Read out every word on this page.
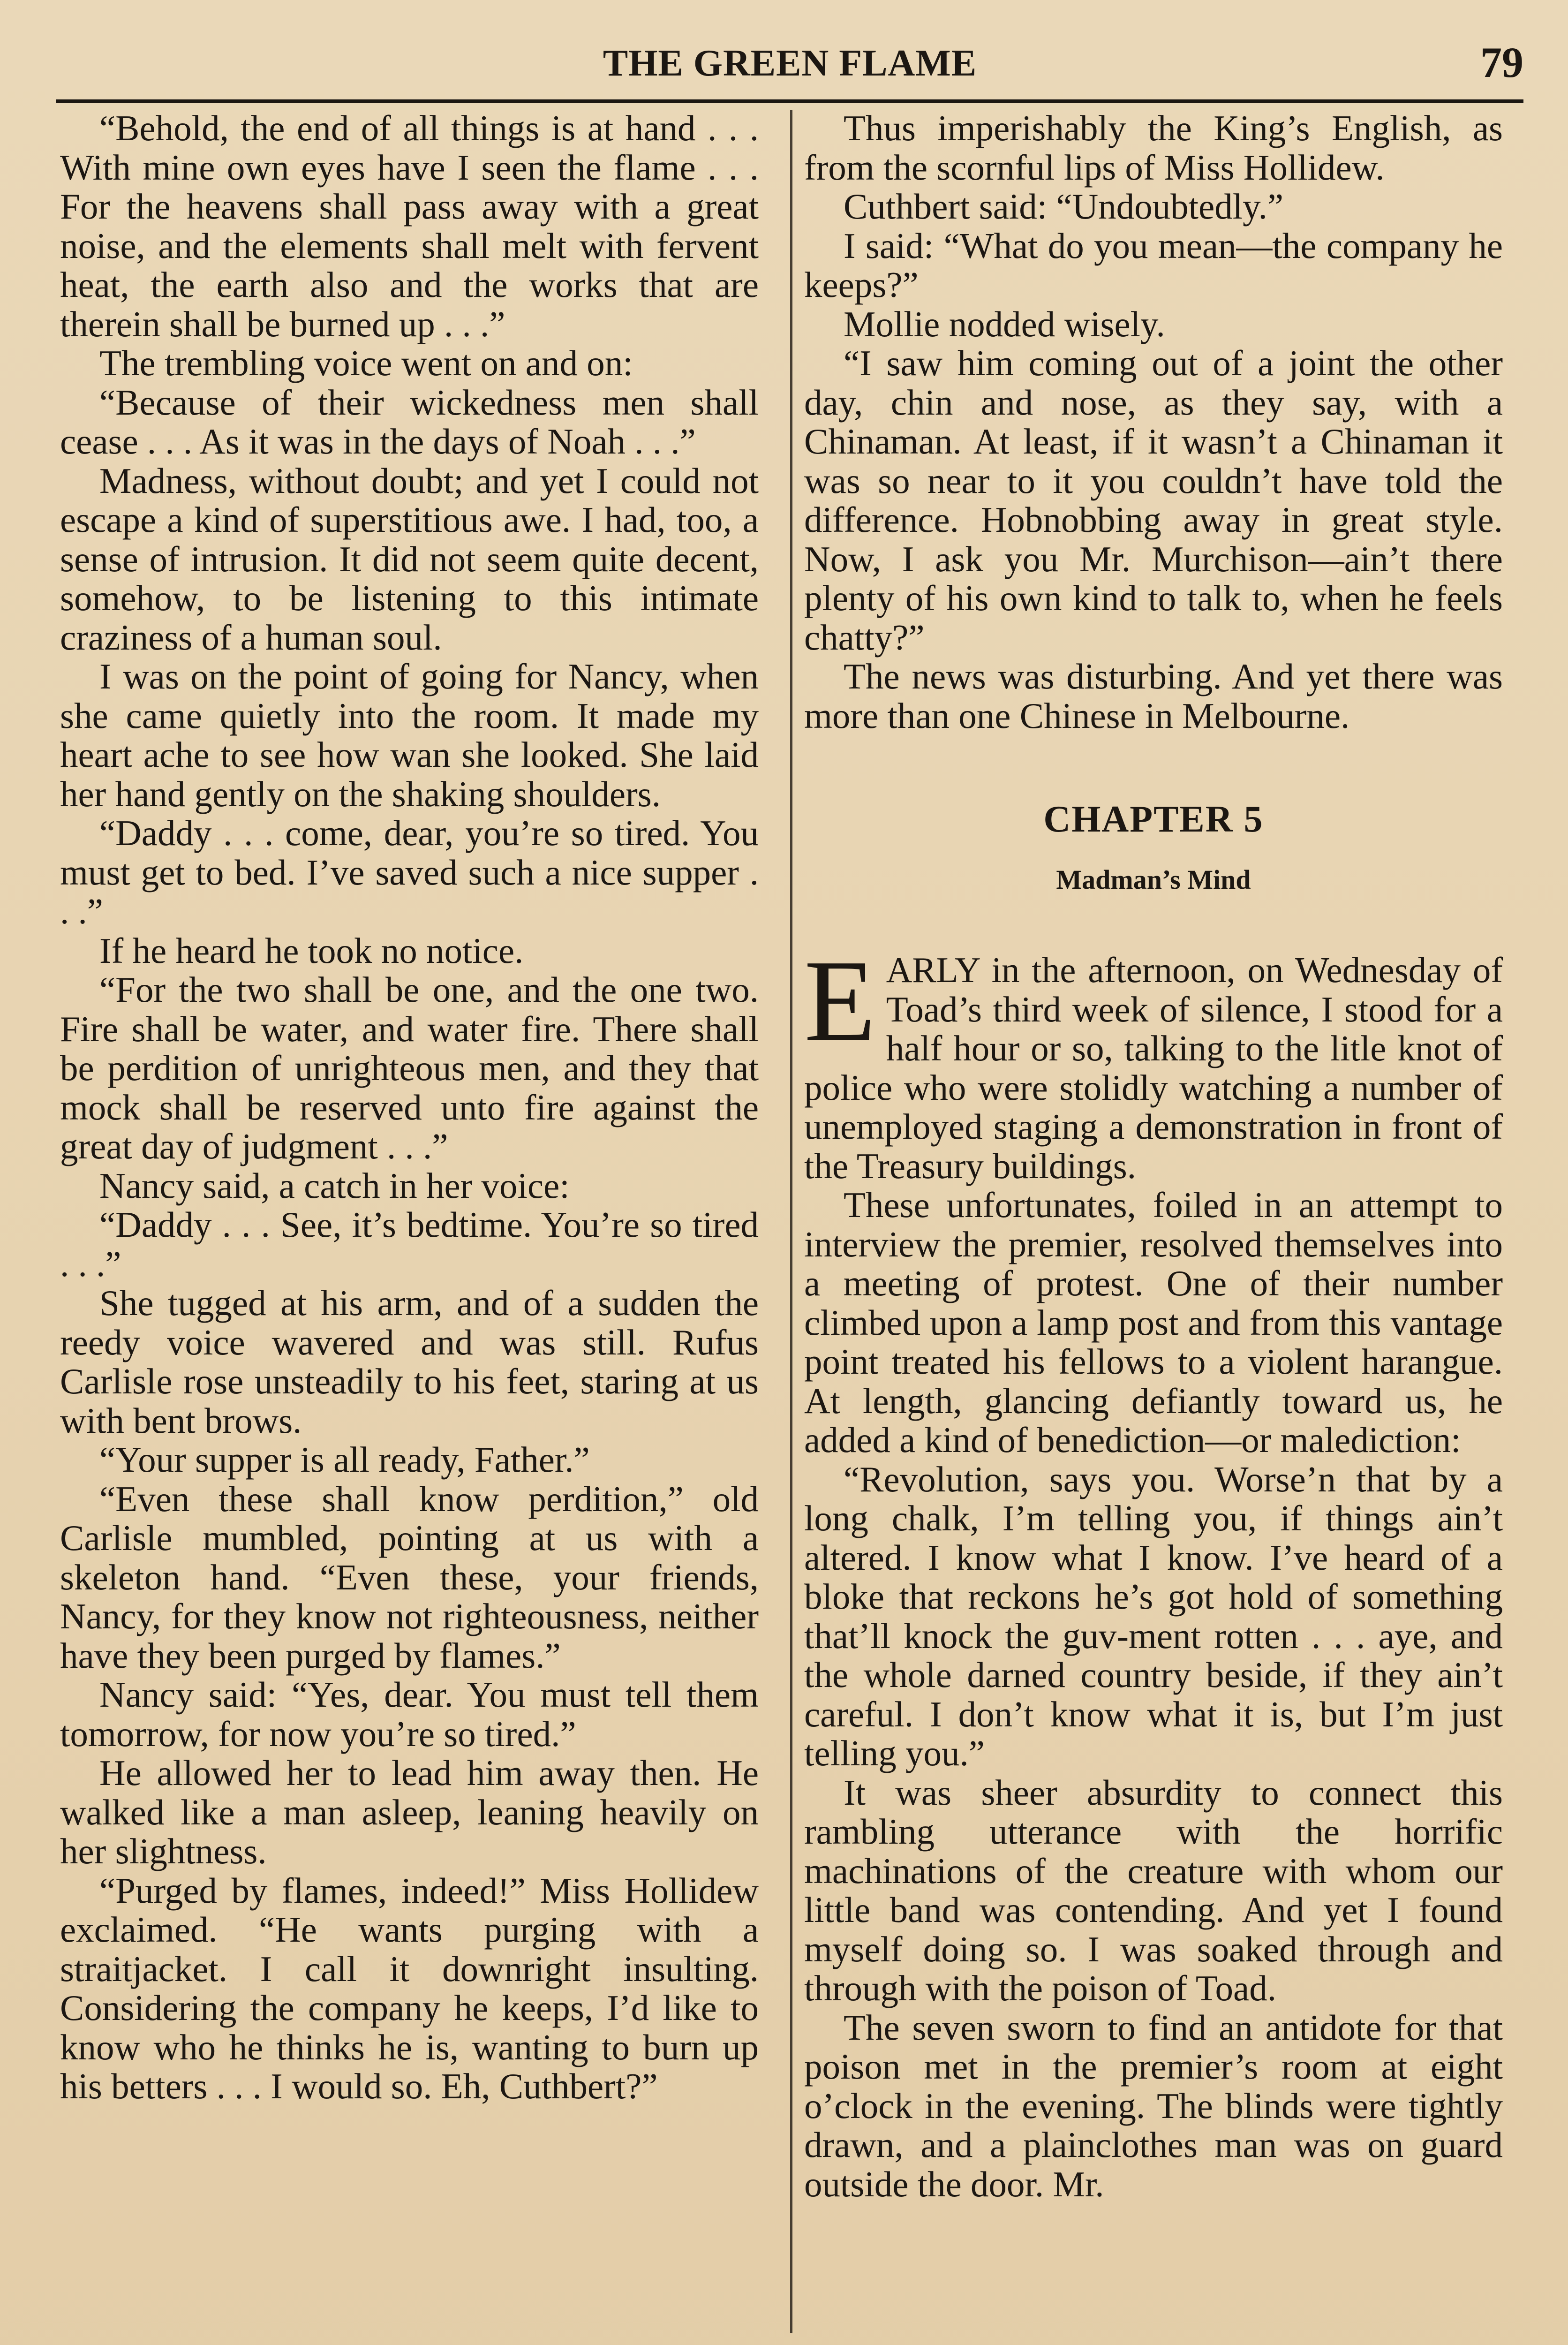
THE GREEN FLAME	79

“Behold, the end of all things is at hand . . . With mine own eyes have I seen the flame . . . For the heavens shall pass away with a great noise, and the elements shall melt with fervent heat, the earth also and the works that are therein shall be burned up . . .”

The trembling voice went on and on:

“Because of their wickedness men shall cease . . . As it was in the days of Noah . . .”

Madness, without doubt; and yet I could not escape a kind of superstitious awe. I had, too, a sense of intrusion. It did not seem quite decent, somehow, to be listening to this intimate craziness of a human soul.

I was on the point of going for Nancy, when she came quietly into the room. It made my heart ache to see how wan she looked. She laid her hand gently on the shaking shoulders.

“Daddy . . . come, dear, you’re so tired. You must get to bed. I’ve saved such a nice supper . . .”

If he heard he took no notice.

“For the two shall be one, and the one two. Fire shall be water, and water fire. There shall be perdition of unrighteous men, and they that mock shall be reserved unto fire against the great day of judgment . . .”

Nancy said, a catch in her voice:

“Daddy . . . See, it’s bedtime. You’re so tired . . .”

She tugged at his arm, and of a sudden the reedy voice wavered and was still. Rufus Carlisle rose unsteadily to his feet, staring at us with bent brows.

“Your supper is all ready, Father.”

“Even these shall know perdition,” old Carlisle mumbled, pointing at us with a skeleton hand. “Even these, your friends, Nancy, for they know not righteousness, neither have they been purged by flames.”

Nancy said: “Yes, dear. You must tell them tomorrow, for now you’re so tired.”

He allowed her to lead him away then. He walked like a man asleep, leaning heavily on her slightness.

“Purged by flames, indeed!” Miss Hollidew exclaimed. “He wants purging with a straitjacket. I call it downright insulting. Considering the company he keeps, I’d like to know who he thinks he is, wanting to burn up his betters . . . I would so. Eh, Cuthbert?”

Thus imperishably the King’s English, as from the scornful lips of Miss Hollidew.

Cuthbert said: “Undoubtedly.”

I said: “What do you mean—the company he keeps?”

Mollie nodded wisely.

“I saw him coming out of a joint the other day, chin and nose, as they say, with a Chinaman. At least, if it wasn’t a Chinaman it was so near to it you couldn’t have told the difference. Hobnobbing away in great style. Now, I ask you Mr. Murchison—ain’t there plenty of his own kind to talk to, when he feels chatty?”

The news was disturbing. And yet there was more than one Chinese in Melbourne.

CHAPTER 5
Madman’s Mind

EARLY in the afternoon, on Wednesday of Toad’s third week of silence, I stood for a half hour or so, talking to the litle knot of police who were stolidly watching a number of unemployed staging a demonstration in front of the Treasury buildings.

These unfortunates, foiled in an attempt to interview the premier, resolved themselves into a meeting of protest. One of their number climbed upon a lamp post and from this vantage point treated his fellows to a violent harangue. At length, glancing defiantly toward us, he added a kind of benediction—or malediction:

“Revolution, says you. Worse’n that by a long chalk, I’m telling you, if things ain’t altered. I know what I know. I’ve heard of a bloke that reckons he’s got hold of something that’ll knock the guv-ment rotten . . . aye, and the whole darned country beside, if they ain’t careful. I don’t know what it is, but I’m just telling you.”

It was sheer absurdity to connect this rambling utterance with the horrific machinations of the creature with whom our little band was contending. And yet I found myself doing so. I was soaked through and through with the poison of Toad.

The seven sworn to find an antidote for that poison met in the premier’s room at eight o’clock in the evening. The blinds were tightly drawn, and a plainclothes man was on guard outside the door. Mr.
